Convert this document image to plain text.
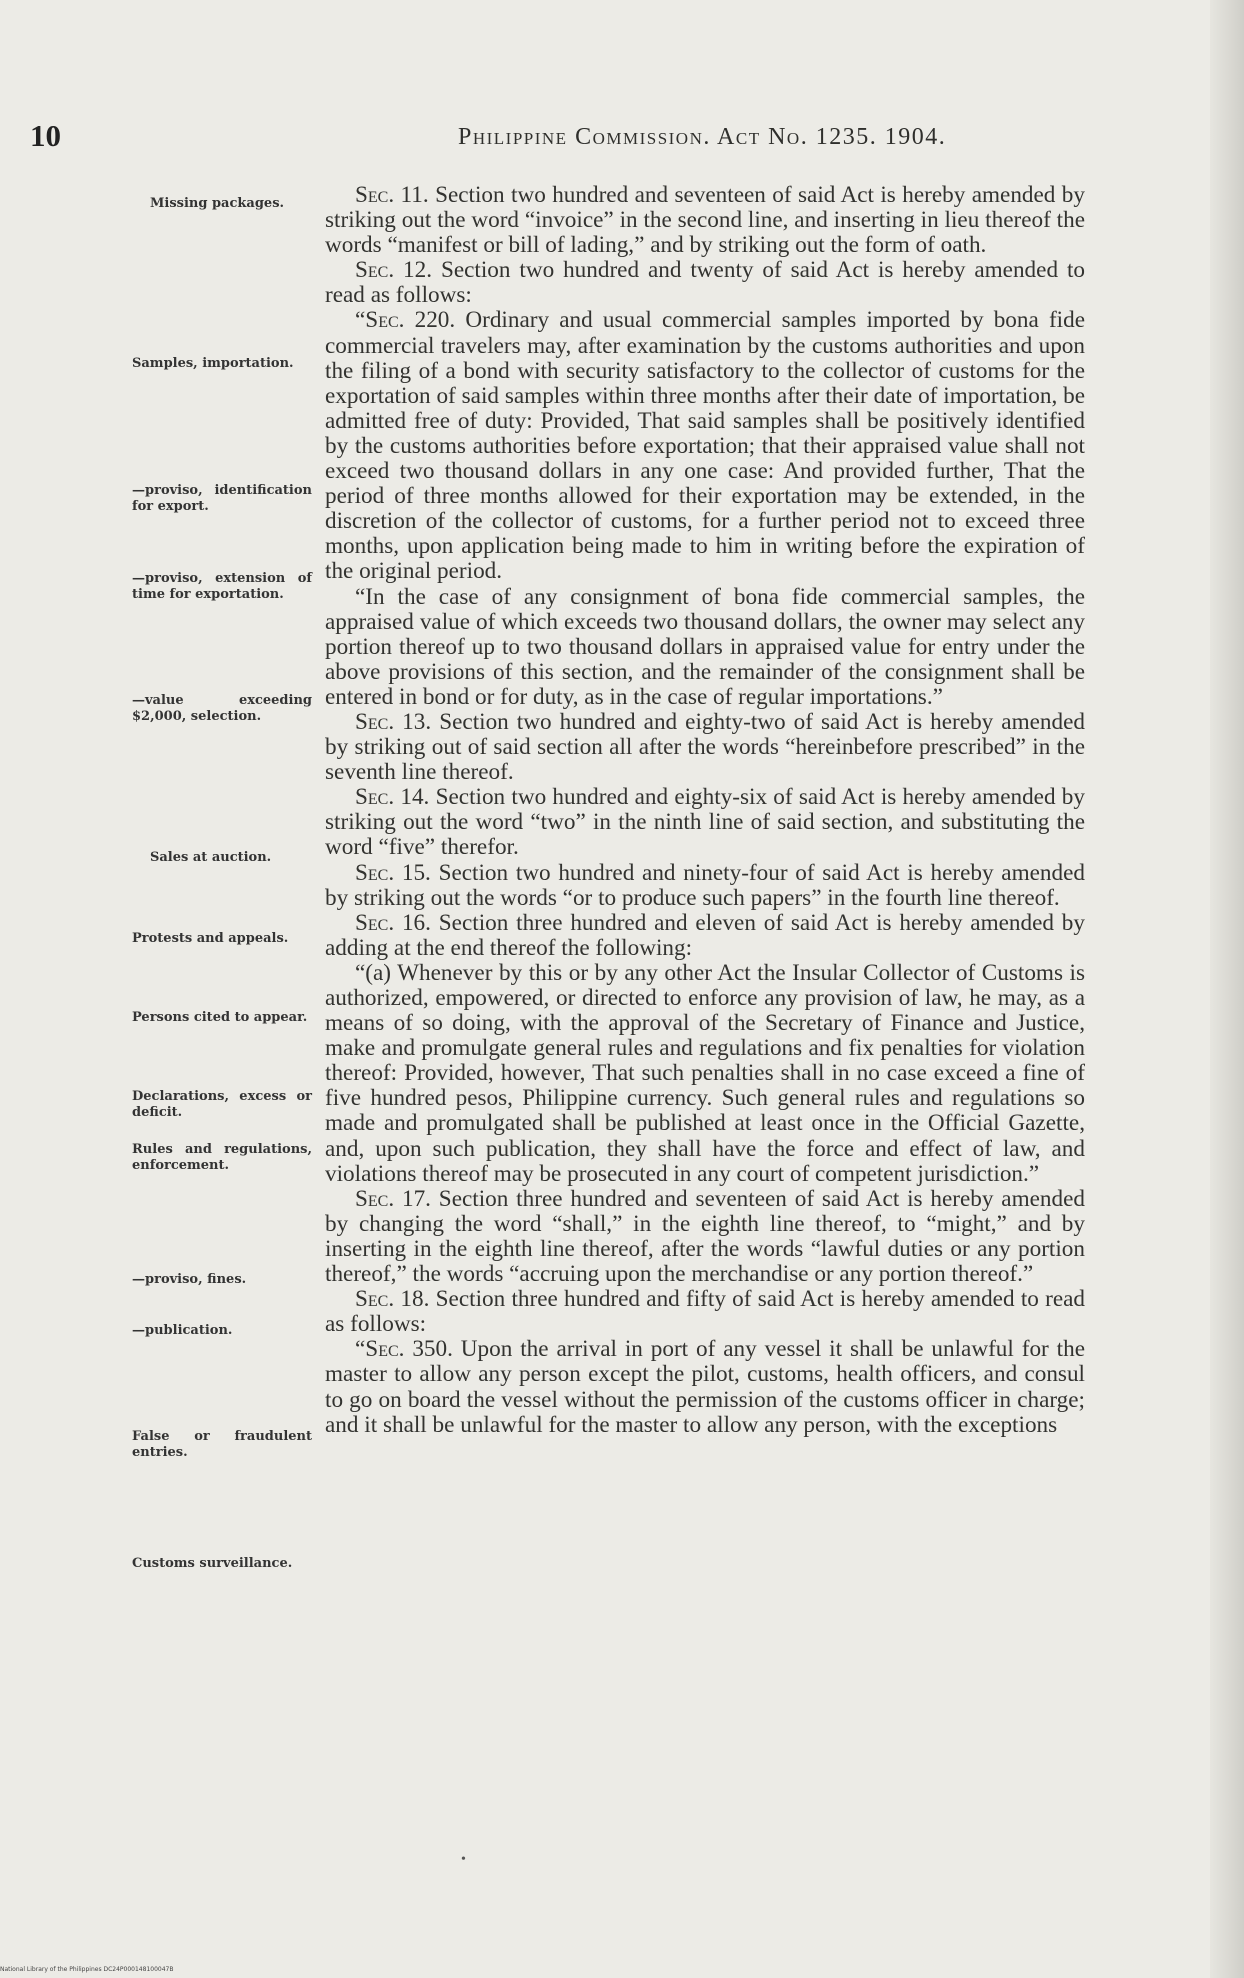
10	Philippine Commission. Act No. 1235. 1904.
Missing packages.
Samples, importation.
—proviso, identification for export.
—proviso, extension of time for exportation.
—value exceeding $2,000, selection.
Sales at auction.
Protests and appeals.
Persons cited to appear.
Declarations, excess or deficit.
Rules and regulations, enforcement.
—proviso, fines.
—publication.
False or fraudulent entries.
Customs surveillance.

Sec. 11. Section two hundred and seventeen of said Act is hereby amended by striking out the word “invoice” in the second line, and inserting in lieu thereof the words “manifest or bill of lading,” and by striking out the form of oath.

Sec. 12. Section two hundred and twenty of said Act is hereby amended to read as follows:

“Sec. 220. Ordinary and usual commercial samples imported by bona fide commercial travelers may, after examination by the customs authorities and upon the filing of a bond with security satisfactory to the collector of customs for the exportation of said samples within three months after their date of importation, be admitted free of duty: Provided, That said samples shall be positively identified by the customs authorities before exportation; that their appraised value shall not exceed two thousand dollars in any one case: And provided further, That the period of three months allowed for their exportation may be extended, in the discretion of the collector of customs, for a further period not to exceed three months, upon application being made to him in writing before the expiration of the original period.

“In the case of any consignment of bona fide commercial samples, the appraised value of which exceeds two thousand dollars, the owner may select any portion thereof up to two thousand dollars in appraised value for entry under the above provisions of this section, and the remainder of the consignment shall be entered in bond or for duty, as in the case of regular importations.”

Sec. 13. Section two hundred and eighty-two of said Act is hereby amended by striking out of said section all after the words “hereinbefore prescribed” in the seventh line thereof.

Sec. 14. Section two hundred and eighty-six of said Act is hereby amended by striking out the word “two” in the ninth line of said section, and substituting the word “five” therefor.

Sec. 15. Section two hundred and ninety-four of said Act is hereby amended by striking out the words “or to produce such papers” in the fourth line thereof.

Sec. 16. Section three hundred and eleven of said Act is hereby amended by adding at the end thereof the following:

“(a) Whenever by this or by any other Act the Insular Collector of Customs is authorized, empowered, or directed to enforce any provision of law, he may, as a means of so doing, with the approval of the Secretary of Finance and Justice, make and promulgate general rules and regulations and fix penalties for violation thereof: Provided, however, That such penalties shall in no case exceed a fine of five hundred pesos, Philippine currency. Such general rules and regulations so made and promulgated shall be published at least once in the Official Gazette, and, upon such publication, they shall have the force and effect of law, and violations thereof may be prosecuted in any court of competent jurisdiction.”

Sec. 17. Section three hundred and seventeen of said Act is hereby amended by changing the word “shall,” in the eighth line thereof, to “might,” and by inserting in the eighth line thereof, after the words “lawful duties or any portion thereof,” the words “accruing upon the merchandise or any portion thereof.”

Sec. 18. Section three hundred and fifty of said Act is hereby amended to read as follows:

“Sec. 350. Upon the arrival in port of any vessel it shall be unlawful for the master to allow any person except the pilot, customs, health officers, and consul to go on board the vessel without the permission of the customs officer in charge; and it shall be unlawful for the master to allow any person, with the exceptions

•
National Library of the Philippines DC24P000148100047B
